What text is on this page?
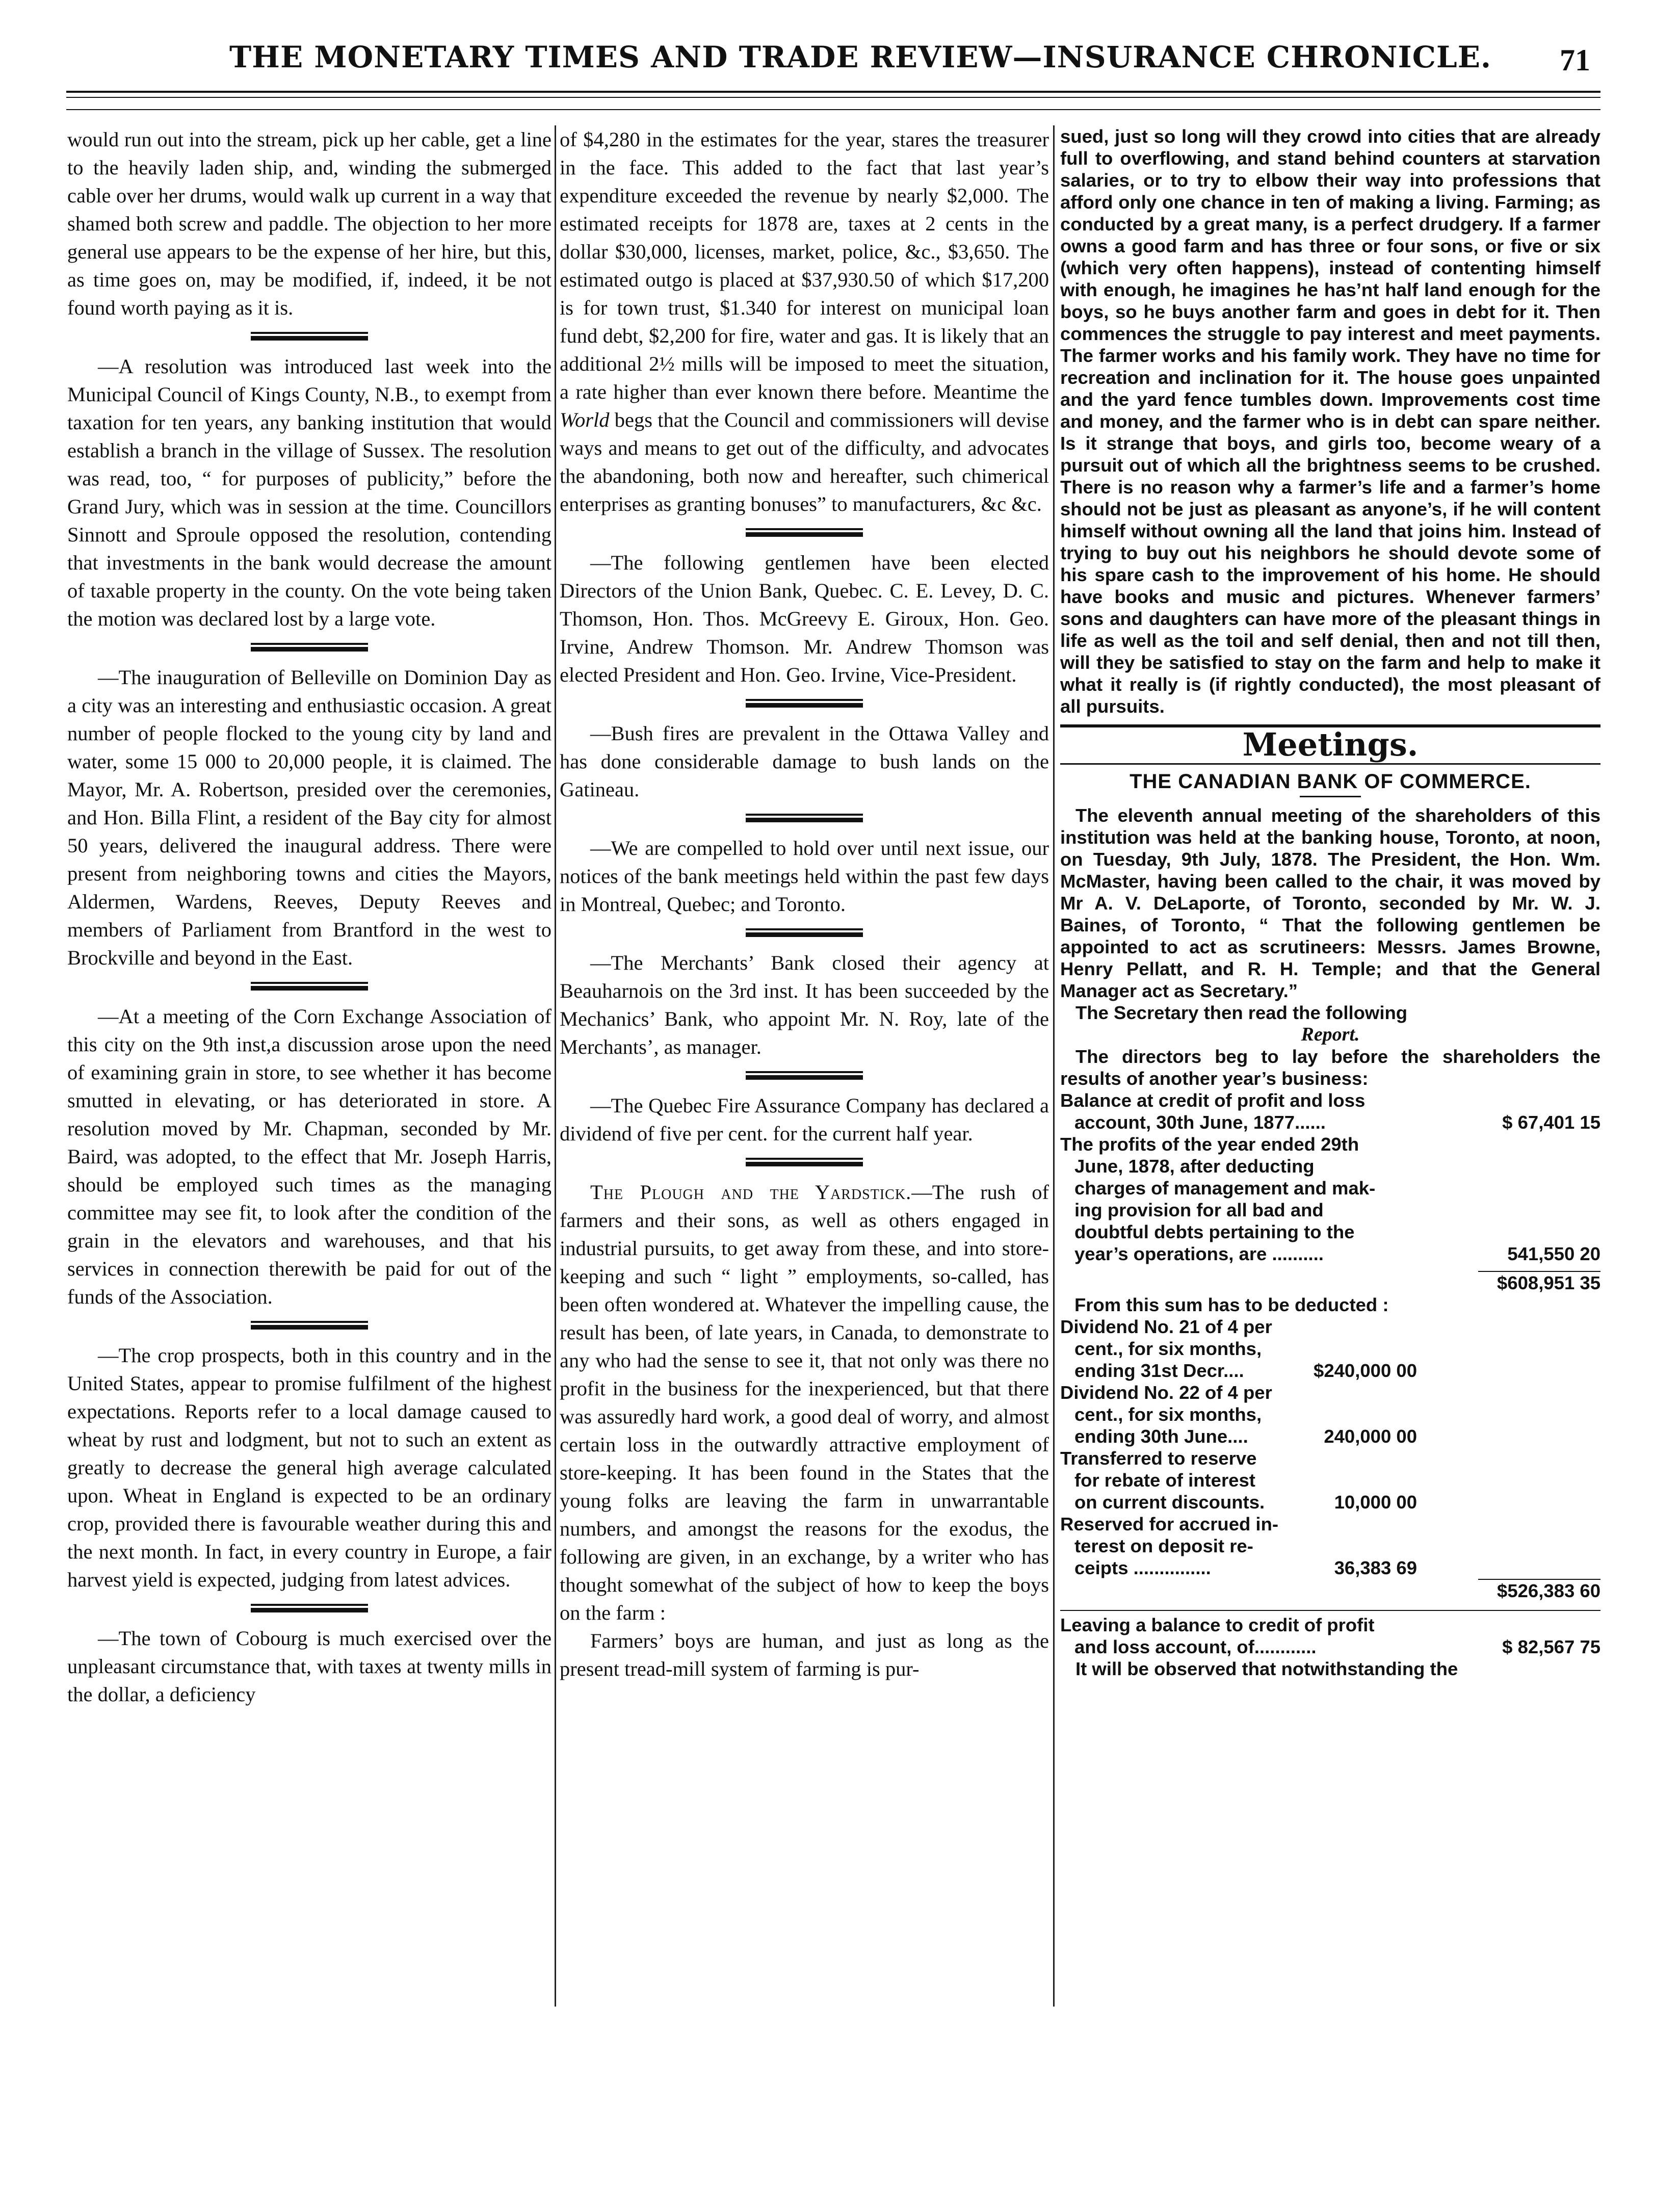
THE MONETARY TIMES AND TRADE REVIEW—INSURANCE CHRONICLE. 71

would run out into the stream, pick up her cable, get a line to the heavily laden ship, and, winding the submerged cable over her drums, would walk up current in a way that shamed both screw and paddle. The objection to her more general use appears to be the expense of her hire, but this, as time goes on, may be modified, if, indeed, it be not found worth paying as it is.

—A resolution was introduced last week into the Municipal Council of Kings County, N.B., to exempt from taxation for ten years, any banking institution that would establish a branch in the village of Sussex. The resolution was read, too, “ for purposes of publicity,” before the Grand Jury, which was in session at the time. Councillors Sinnott and Sproule opposed the resolution, contending that investments in the bank would decrease the amount of taxable property in the county. On the vote being taken the motion was declared lost by a large vote.

—The inauguration of Belleville on Dominion Day as a city was an interesting and enthusiastic occasion. A great number of people flocked to the young city by land and water, some 15 000 to 20,000 people, it is claimed. The Mayor, Mr. A. Robertson, presided over the ceremonies, and Hon. Billa Flint, a resident of the Bay city for almost 50 years, delivered the inaugural address. There were present from neighboring towns and cities the Mayors, Aldermen, Wardens, Reeves, Deputy Reeves and members of Parliament from Brantford in the west to Brockville and beyond in the East.

—At a meeting of the Corn Exchange Association of this city on the 9th inst,a discussion arose upon the need of examining grain in store, to see whether it has become smutted in elevating, or has deteriorated in store. A resolution moved by Mr. Chapman, seconded by Mr. Baird, was adopted, to the effect that Mr. Joseph Harris, should be employed such times as the managing committee may see fit, to look after the condition of the grain in the elevators and warehouses, and that his services in connection therewith be paid for out of the funds of the Association.

—The crop prospects, both in this country and in the United States, appear to promise fulfilment of the highest expectations. Reports refer to a local damage caused to wheat by rust and lodgment, but not to such an extent as greatly to decrease the general high average calculated upon. Wheat in England is expected to be an ordinary crop, provided there is favourable weather during this and the next month. In fact, in every country in Europe, a fair harvest yield is expected, judging from latest advices.

—The town of Cobourg is much exercised over the unpleasant circumstance that, with taxes at twenty mills in the dollar, a deficiency

of $4,280 in the estimates for the year, stares the treasurer in the face. This added to the fact that last year’s expenditure exceeded the revenue by nearly $2,000. The estimated receipts for 1878 are, taxes at 2 cents in the dollar $30,000, licenses, market, police, &c., $3,650. The estimated outgo is placed at $37,930.50 of which $17,200 is for town trust, $1.340 for interest on municipal loan fund debt, $2,200 for fire, water and gas. It is likely that an additional 2½ mills will be imposed to meet the situation, a rate higher than ever known there before. Meantime the World begs that the Council and commissioners will devise ways and means to get out of the difficulty, and advocates the abandoning, both now and hereafter, such chimerical enterprises as granting bonuses” to manufacturers, &c &c.

—The following gentlemen have been elected Directors of the Union Bank, Quebec. C. E. Levey, D. C. Thomson, Hon. Thos. McGreevy E. Giroux, Hon. Geo. Irvine, Andrew Thomson. Mr. Andrew Thomson was elected President and Hon. Geo. Irvine, Vice-President.

—Bush fires are prevalent in the Ottawa Valley and has done considerable damage to bush lands on the Gatineau.

—We are compelled to hold over until next issue, our notices of the bank meetings held within the past few days in Montreal, Quebec; and Toronto.

—The Merchants’ Bank closed their agency at Beauharnois on the 3rd inst. It has been succeeded by the Mechanics’ Bank, who appoint Mr. N. Roy, late of the Merchants’, as manager.

—The Quebec Fire Assurance Company has declared a dividend of five per cent. for the current half year.

The Plough and the Yardstick.—The rush of farmers and their sons, as well as others engaged in industrial pursuits, to get away from these, and into store-keeping and such “ light ” employments, so-called, has been often wondered at. Whatever the impelling cause, the result has been, of late years, in Canada, to demonstrate to any who had the sense to see it, that not only was there no profit in the business for the inexperienced, but that there was assuredly hard work, a good deal of worry, and almost certain loss in the outwardly attractive employment of store-keeping. It has been found in the States that the young folks are leaving the farm in unwarrantable numbers, and amongst the reasons for the exodus, the following are given, in an exchange, by a writer who has thought somewhat of the subject of how to keep the boys on the farm :

Farmers’ boys are human, and just as long as the present tread-mill system of farming is pur-

sued, just so long will they crowd into cities that are already full to overflowing, and stand behind counters at starvation salaries, or to try to elbow their way into professions that afford only one chance in ten of making a living. Farming; as conducted by a great many, is a perfect drudgery. If a farmer owns a good farm and has three or four sons, or five or six (which very often happens), instead of contenting himself with enough, he imagines he has’nt half land enough for the boys, so he buys another farm and goes in debt for it. Then commences the struggle to pay interest and meet payments. The farmer works and his family work. They have no time for recreation and inclination for it. The house goes unpainted and the yard fence tumbles down. Improvements cost time and money, and the farmer who is in debt can spare neither. Is it strange that boys, and girls too, become weary of a pursuit out of which all the brightness seems to be crushed. There is no reason why a farmer’s life and a farmer’s home should not be just as pleasant as anyone’s, if he will content himself without owning all the land that joins him. Instead of trying to buy out his neighbors he should devote some of his spare cash to the improvement of his home. He should have books and music and pictures. Whenever farmers’ sons and daughters can have more of the pleasant things in life as well as the toil and self denial, then and not till then, will they be satisfied to stay on the farm and help to make it what it really is (if rightly conducted), the most pleasant of all pursuits.

Meetings.
THE CANADIAN BANK OF COMMERCE.

The eleventh annual meeting of the shareholders of this institution was held at the banking house, Toronto, at noon, on Tuesday, 9th July, 1878. The President, the Hon. Wm. McMaster, having been called to the chair, it was moved by Mr A. V. DeLaporte, of Toronto, seconded by Mr. W. J. Baines, of Toronto, “ That the following gentlemen be appointed to act as scrutineers: Messrs. James Browne, Henry Pellatt, and R. H. Temple; and that the General Manager act as Secretary.”

The Secretary then read the following

Report.

The directors beg to lay before the shareholders the results of another year’s business:

Balance at credit of profit and loss
account, 30th June, 1877......	$ 67,401 15
The profits of the year ended 29th
June, 1878, after deducting
charges of management and mak-
ing provision for all bad and
doubtful debts pertaining to the
year’s operations, are ..........	541,550 20
$608,951 35
From this sum has to be deducted :
Dividend No. 21 of 4 per
cent., for six months,
ending 31st Decr....	$240,000 00
Dividend No. 22 of 4 per
cent., for six months,
ending 30th June....	240,000 00
Transferred to reserve
for rebate of interest
on current discounts.	10,000 00
Reserved for accrued in-
terest on deposit re-
ceipts ...............	36,383 69
$526,383 60
Leaving a balance to credit of profit
and loss account, of............	$ 82,567 75

It will be observed that notwithstanding the
